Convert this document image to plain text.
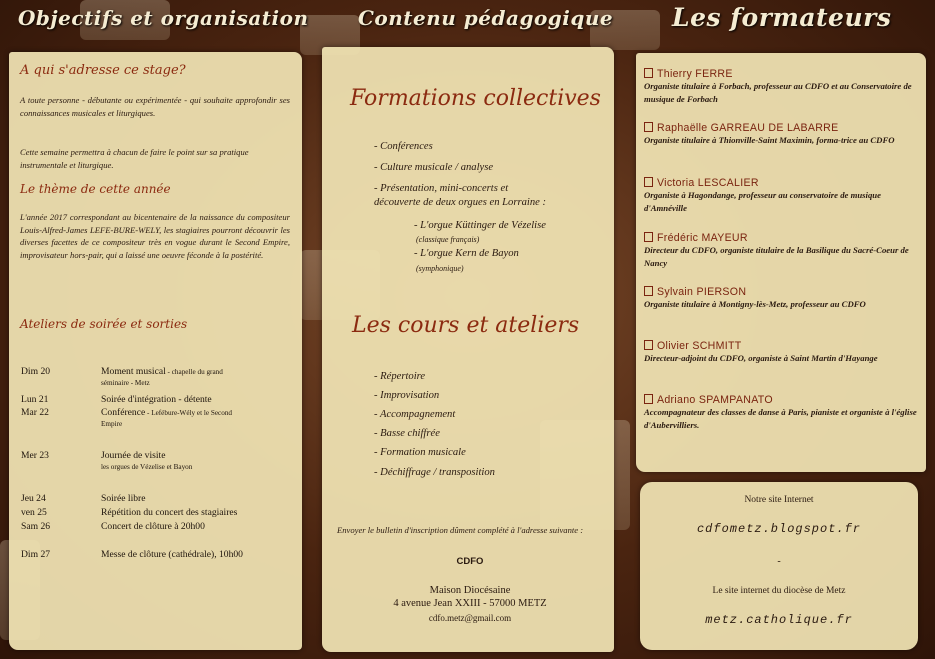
Objectifs et organisation Contenu pédagogique Les formateurs
A qui s'adresse ce stage?
A toute personne - débutante ou expérimentée - qui souhaite approfondir ses connaissances musicales et liturgiques.
Cette semaine permettra à chacun de faire le point sur sa pratique instrumentale et liturgique.
Le thème de cette année
L'année 2017 correspondant au bicentenaire de la naissance du compositeur Louis-Alfred-James LEFE-BURE-WELY, les stagiaires pourront découvrir les diverses facettes de ce compositeur très en vogue durant le Second Empire, improvisateur hors-pair, qui a laissé une oeuvre féconde à la postérité.
Ateliers de soirée et sorties
Dim 20	Moment musical - chapelle du grand
séminaire - Metz
Lun 21	Soirée d'intégration - détente
Mar 22	Conférence - Lefébure-Wély et le Second
Empire
Mer 23	Journée de visite
les orgues de Vézelise et Bayon
Jeu 24	Soirée libre
ven 25	Répétition du concert des stagiaires
Sam 26	Concert de clôture à 20h00
Dim 27	Messe de clôture (cathédrale), 10h00
Formations collectives
- Conférences
- Culture musicale / analyse
- Présentation, mini-concerts et
découverte de deux orgues en Lorraine :
- L'orgue Küttinger de Vézelise
(classique français)
- L'orgue Kern de Bayon
(symphonique)
Les cours et ateliers
- Répertoire
- Improvisation
- Accompagnement
- Basse chiffrée
- Formation musicale
- Déchiffrage / transposition
Envoyer le bulletin d'inscription dûment complété à l'adresse suivante :
CDFO
Maison Diocésaine
4 avenue Jean XXIII - 57000 METZ
cdfo.metz@gmail.com
Thierry FERRE
Organiste titulaire à Forbach, professeur au CDFO et au Conservatoire de musique de Forbach
Raphaëlle GARREAU DE LABARRE
Organiste titulaire à Thionville-Saint Maximin, forma-trice au CDFO
Victoria LESCALIER
Organiste à Hagondange, professeur au conservatoire de musique d'Amnéville
Frédéric MAYEUR
Directeur du CDFO, organiste titulaire de la Basilique du Sacré-Coeur de Nancy
Sylvain PIERSON
Organiste titulaire à Montigny-lès-Metz, professeur au CDFO
Olivier SCHMITT
Directeur-adjoint du CDFO, organiste à Saint Martin d'Hayange
Adriano SPAMPANATO
Accompagnateur des classes de danse à Paris, pianiste et organiste à l'église d'Aubervilliers.
Notre site Internet
cdfometz.blogspot.fr
-
Le site internet du diocèse de Metz
metz.catholique.fr
